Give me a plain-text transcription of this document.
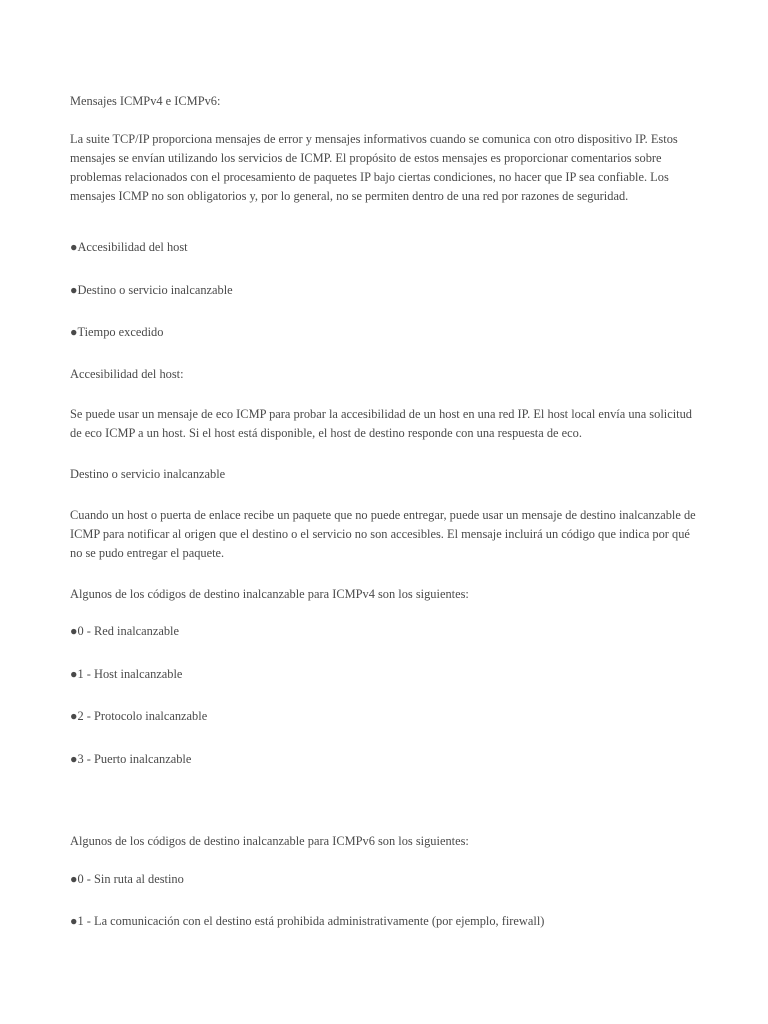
Mensajes ICMPv4 e ICMPv6:

La suite TCP/IP proporciona mensajes de error y mensajes informativos cuando se comunica con otro dispositivo IP. Estos mensajes se envían utilizando los servicios de ICMP. El propósito de estos mensajes es proporcionar comentarios sobre problemas relacionados con el procesamiento de paquetes IP bajo ciertas condiciones, no hacer que IP sea confiable. Los mensajes ICMP no son obligatorios y, por lo general, no se permiten dentro de una red por razones de seguridad.

●Accesibilidad del host

●Destino o servicio inalcanzable

●Tiempo excedido

Accesibilidad del host:

Se puede usar un mensaje de eco ICMP para probar la accesibilidad de un host en una red IP. El host local envía una solicitud de eco ICMP a un host. Si el host está disponible, el host de destino responde con una respuesta de eco.

Destino o servicio inalcanzable

Cuando un host o puerta de enlace recibe un paquete que no puede entregar, puede usar un mensaje de destino inalcanzable de ICMP para notificar al origen que el destino o el servicio no son accesibles. El mensaje incluirá un código que indica por qué no se pudo entregar el paquete.

Algunos de los códigos de destino inalcanzable para ICMPv4 son los siguientes:

●0 - Red inalcanzable

●1 - Host inalcanzable

●2 - Protocolo inalcanzable

●3 - Puerto inalcanzable

Algunos de los códigos de destino inalcanzable para ICMPv6 son los siguientes:

●0 - Sin ruta al destino

●1 - La comunicación con el destino está prohibida administrativamente (por ejemplo, firewall)
